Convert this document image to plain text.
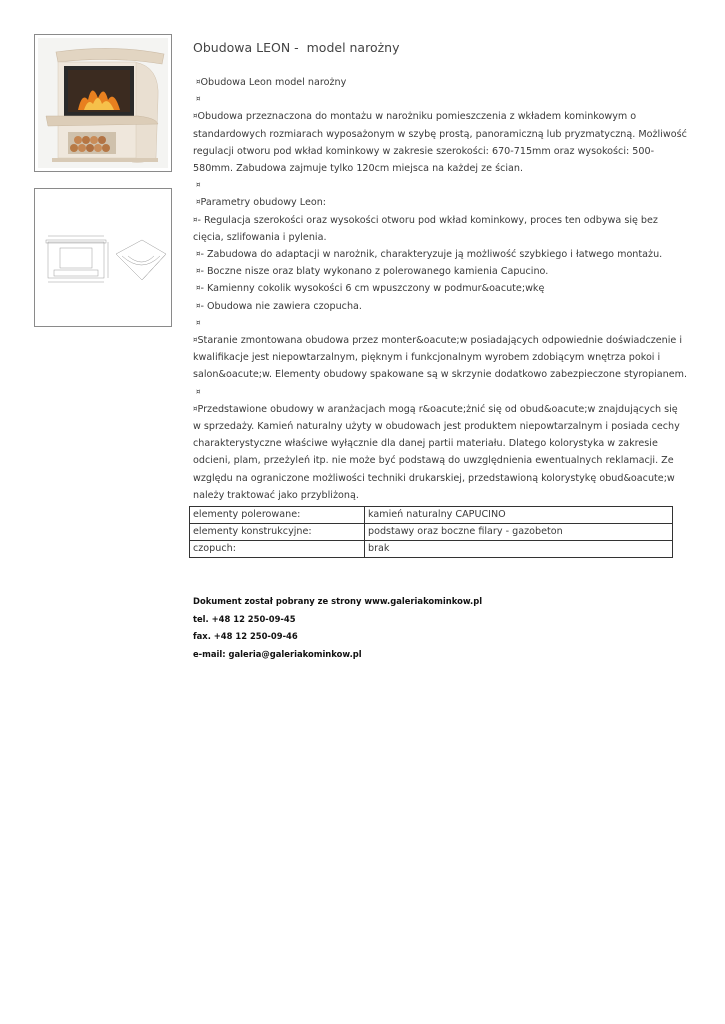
Obudowa LEON -  model narożny

¤Obudowa Leon model narożny

¤

¤Obudowa przeznaczona do montażu w narożniku pomieszczenia z wkładem kominkowym o standardowych rozmiarach wyposażonym w szybę prostą, panoramiczną lub pryzmatyczną. Możliwość regulacji otworu pod wkład kominkowy w zakresie szerokości: 670-715mm oraz wysokości: 500-580mm. Zabudowa zajmuje tylko 120cm miejsca na każdej ze ścian.

¤

¤Parametry obudowy Leon:

¤- Regulacja szerokości oraz wysokości otworu pod wkład kominkowy, proces ten odbywa się bez cięcia, szlifowania i pylenia.

¤- Zabudowa do adaptacji w narożnik, charakteryzuje ją możliwość szybkiego i łatwego montażu.

¤- Boczne nisze oraz blaty wykonano z polerowanego kamienia Capucino.

¤- Kamienny cokolik wysokości 6 cm wpuszczony w podmur&oacute;wkę

¤- Obudowa nie zawiera czopucha.

¤

¤Staranie zmontowana obudowa przez monter&oacute;w posiadających odpowiednie doświadczenie i kwalifikacje jest niepowtarzalnym, pięknym i funkcjonalnym wyrobem zdobiącym wnętrza pokoi i salon&oacute;w. Elementy obudowy spakowane są w skrzynie dodatkowo zabezpieczone styropianem.

¤

¤Przedstawione obudowy w aranżacjach mogą r&oacute;żnić się od obud&oacute;w znajdujących się w sprzedaży. Kamień naturalny użyty w obudowach jest produktem niepowtarzalnym i posiada cechy charakterystyczne właściwe wyłącznie dla danej partii materiału. Dlatego kolorystyka w zakresie odcieni, plam, przeżyleń itp. nie może być podstawą do uwzględnienia ewentualnych reklamacji. Ze względu na ograniczone możliwości techniki drukarskiej, przedstawioną kolorystykę obud&oacute;w należy traktować jako przybliżoną.

elementy polerowane:	kamień naturalny CAPUCINO
elementy konstrukcyjne:	podstawy oraz boczne filary - gazobeton
czopuch:	brak

Dokument został pobrany ze strony www.galeriakominkow.pl

tel. +48 12 250-09-45

fax. +48 12 250-09-46

e-mail: galeria@galeriakominkow.pl
